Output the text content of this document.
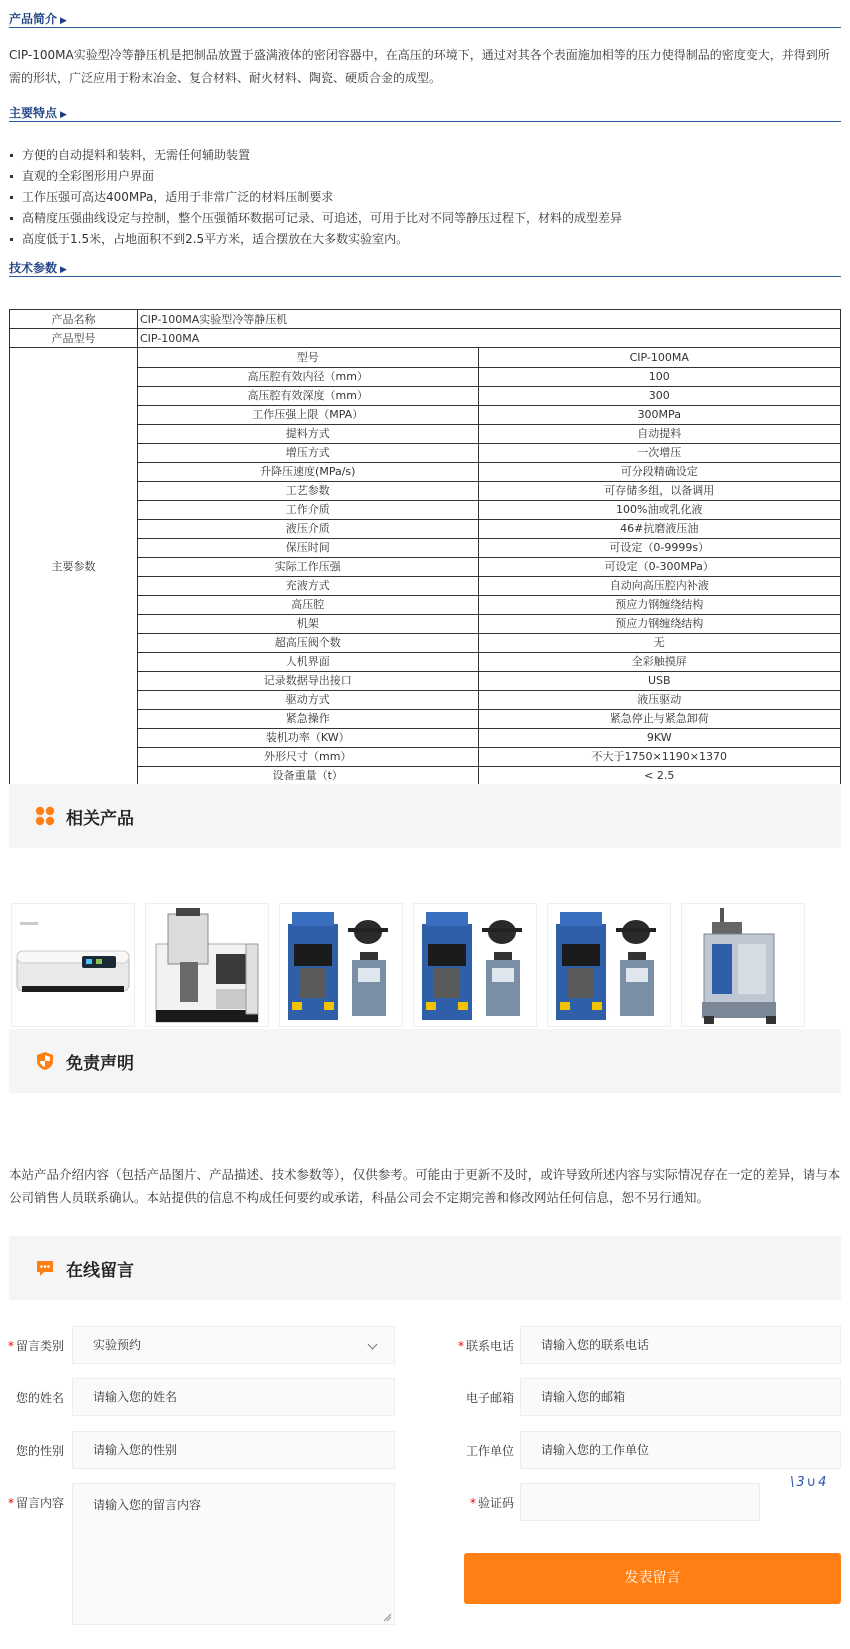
产品简介 ▶

CIP-100MA实验型冷等静压机是把制品放置于盛满液体的密闭容器中，在高压的环境下，通过对其各个表面施加相等的压力使得制品的密度变大，并得到所需的形状，广泛应用于粉末冶金、复合材料、耐火材料、陶瓷、硬质合金的成型。

主要特点 ▶
方便的自动提料和装料，无需任何辅助装置
直观的全彩图形用户界面
工作压强可高达400MPa，适用于非常广泛的材料压制要求
高精度压强曲线设定与控制，整个压强循环数据可记录、可追述，可用于比对不同等静压过程下，材料的成型差异
高度低于1.5米，占地面积不到2.5平方米，适合摆放在大多数实验室内。
技术参数 ▶
产品名称	CIP-100MA实验型冷等静压机
产品型号	CIP-100MA
主要参数	
型号	CIP-100MA
高压腔有效内径（mm）	100
高压腔有效深度（mm）	300
工作压强上限（MPA）	300MPa
提料方式	自动提料
增压方式	一次增压
升降压速度(MPa/s)	可分段精确设定
工艺参数	可存储多组，以备调用
工作介质	100%油或乳化液
液压介质	46#抗磨液压油
保压时间	可设定（0-9999s）
实际工作压强	可设定（0-300MPa）
充液方式	自动向高压腔内补液
高压腔	预应力钢缠绕结构
机架	预应力钢缠绕结构
超高压阀个数	无
人机界面	全彩触摸屏
记录数据导出接口	USB
驱动方式	液压驱动
紧急操作	紧急停止与紧急卸荷
装机功率（KW）	9KW
外形尺寸（mm）	不大于1750×1190×1370
设备重量（t）	< 2.5
相关产品
免责声明

本站产品介绍内容（包括产品图片、产品描述、技术参数等），仅供参考。可能由于更新不及时，或许导致所述内容与实际情况存在一定的差异，请与本公司销售人员联系确认。本站提供的信息不构成任何要约或承诺，科晶公司会不定期完善和修改网站任何信息，恕不另行通知。

在线留言
* 留言类别	实验预约	* 联系电话	请输入您的联系电话
您的姓名	请输入您的姓名	电子邮箱	请输入您的邮箱
您的性别	请输入您的性别	工作单位	请输入您的工作单位
* 留言内容	请输入您的留言内容	* 验证码
\3∪4
发表留言
